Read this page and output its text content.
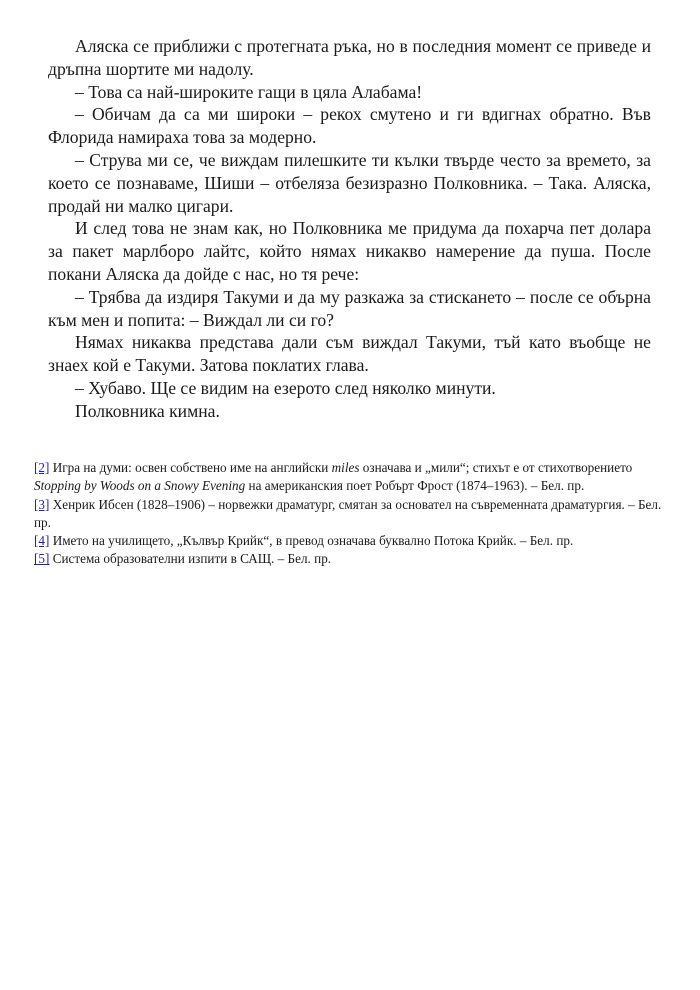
Аляска се приближи с протегната ръка, но в последния момент се приведе и дръпна шортите ми надолу.

– Това са най-широките гащи в цяла Алабама!

– Обичам да са ми широки – рекох смутено и ги вдигнах обратно. Във Флорида намираха това за модерно.

– Струва ми се, че виждам пилешките ти кълки твърде често за времето, за което се познаваме, Шиши – отбеляза безизразно Полковника. – Така. Аляска, продай ни малко цигари.

И след това не знам как, но Полковника ме придума да похарча пет долара за пакет марлборо лайтс, който нямах никакво намерение да пуша. После покани Аляска да дойде с нас, но тя рече:

– Трябва да издиря Такуми и да му разкажа за стискането – после се обърна към мен и попита: – Виждал ли си го?

Нямах никаква представа дали съм виждал Такуми, тъй като въобще не знаех кой е Такуми. Затова поклатих глава.

– Хубаво. Ще се видим на езерото след няколко минути.

Полковника кимна.

[2] Игра на думи: освен собствено име на английски miles означава и „мили“; стихът е от стихотворението Stopping by Woods on a Snowy Evening на американския поет Робърт Фрост (1874–1963). – Бел. пр.

[3] Хенрик Ибсен (1828–1906) – норвежки драматург, смятан за основател на съвременната драматургия. – Бел. пр.

[4] Името на училището, „Кълвър Крийк“, в превод означава буквално Потока Крийк. – Бел. пр.

[5] Система образователни изпити в САЩ. – Бел. пр.
